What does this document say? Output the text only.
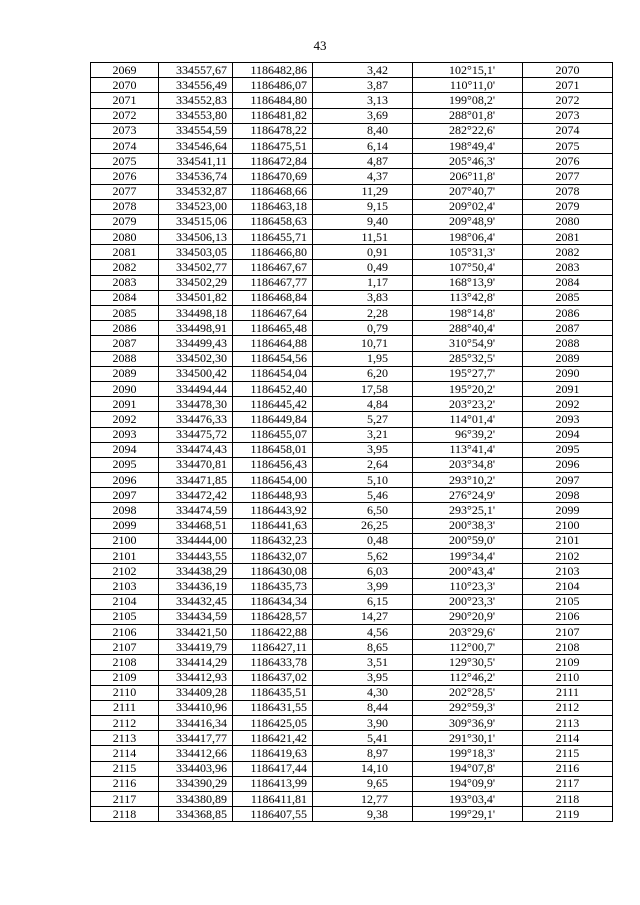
43
2069	334557,67	1186482,86	3,42	102°15,1'	2070
2070	334556,49	1186486,07	3,87	110°11,0'	2071
2071	334552,83	1186484,80	3,13	199°08,2'	2072
2072	334553,80	1186481,82	3,69	288°01,8'	2073
2073	334554,59	1186478,22	8,40	282°22,6'	2074
2074	334546,64	1186475,51	6,14	198°49,4'	2075
2075	334541,11	1186472,84	4,87	205°46,3'	2076
2076	334536,74	1186470,69	4,37	206°11,8'	2077
2077	334532,87	1186468,66	11,29	207°40,7'	2078
2078	334523,00	1186463,18	9,15	209°02,4'	2079
2079	334515,06	1186458,63	9,40	209°48,9'	2080
2080	334506,13	1186455,71	11,51	198°06,4'	2081
2081	334503,05	1186466,80	0,91	105°31,3'	2082
2082	334502,77	1186467,67	0,49	107°50,4'	2083
2083	334502,29	1186467,77	1,17	168°13,9'	2084
2084	334501,82	1186468,84	3,83	113°42,8'	2085
2085	334498,18	1186467,64	2,28	198°14,8'	2086
2086	334498,91	1186465,48	0,79	288°40,4'	2087
2087	334499,43	1186464,88	10,71	310°54,9'	2088
2088	334502,30	1186454,56	1,95	285°32,5'	2089
2089	334500,42	1186454,04	6,20	195°27,7'	2090
2090	334494,44	1186452,40	17,58	195°20,2'	2091
2091	334478,30	1186445,42	4,84	203°23,2'	2092
2092	334476,33	1186449,84	5,27	114°01,4'	2093
2093	334475,72	1186455,07	3,21	96°39,2'	2094
2094	334474,43	1186458,01	3,95	113°41,4'	2095
2095	334470,81	1186456,43	2,64	203°34,8'	2096
2096	334471,85	1186454,00	5,10	293°10,2'	2097
2097	334472,42	1186448,93	5,46	276°24,9'	2098
2098	334474,59	1186443,92	6,50	293°25,1'	2099
2099	334468,51	1186441,63	26,25	200°38,3'	2100
2100	334444,00	1186432,23	0,48	200°59,0'	2101
2101	334443,55	1186432,07	5,62	199°34,4'	2102
2102	334438,29	1186430,08	6,03	200°43,4'	2103
2103	334436,19	1186435,73	3,99	110°23,3'	2104
2104	334432,45	1186434,34	6,15	200°23,3'	2105
2105	334434,59	1186428,57	14,27	290°20,9'	2106
2106	334421,50	1186422,88	4,56	203°29,6'	2107
2107	334419,79	1186427,11	8,65	112°00,7'	2108
2108	334414,29	1186433,78	3,51	129°30,5'	2109
2109	334412,93	1186437,02	3,95	112°46,2'	2110
2110	334409,28	1186435,51	4,30	202°28,5'	2111
2111	334410,96	1186431,55	8,44	292°59,3'	2112
2112	334416,34	1186425,05	3,90	309°36,9'	2113
2113	334417,77	1186421,42	5,41	291°30,1'	2114
2114	334412,66	1186419,63	8,97	199°18,3'	2115
2115	334403,96	1186417,44	14,10	194°07,8'	2116
2116	334390,29	1186413,99	9,65	194°09,9'	2117
2117	334380,89	1186411,81	12,77	193°03,4'	2118
2118	334368,85	1186407,55	9,38	199°29,1'	2119
